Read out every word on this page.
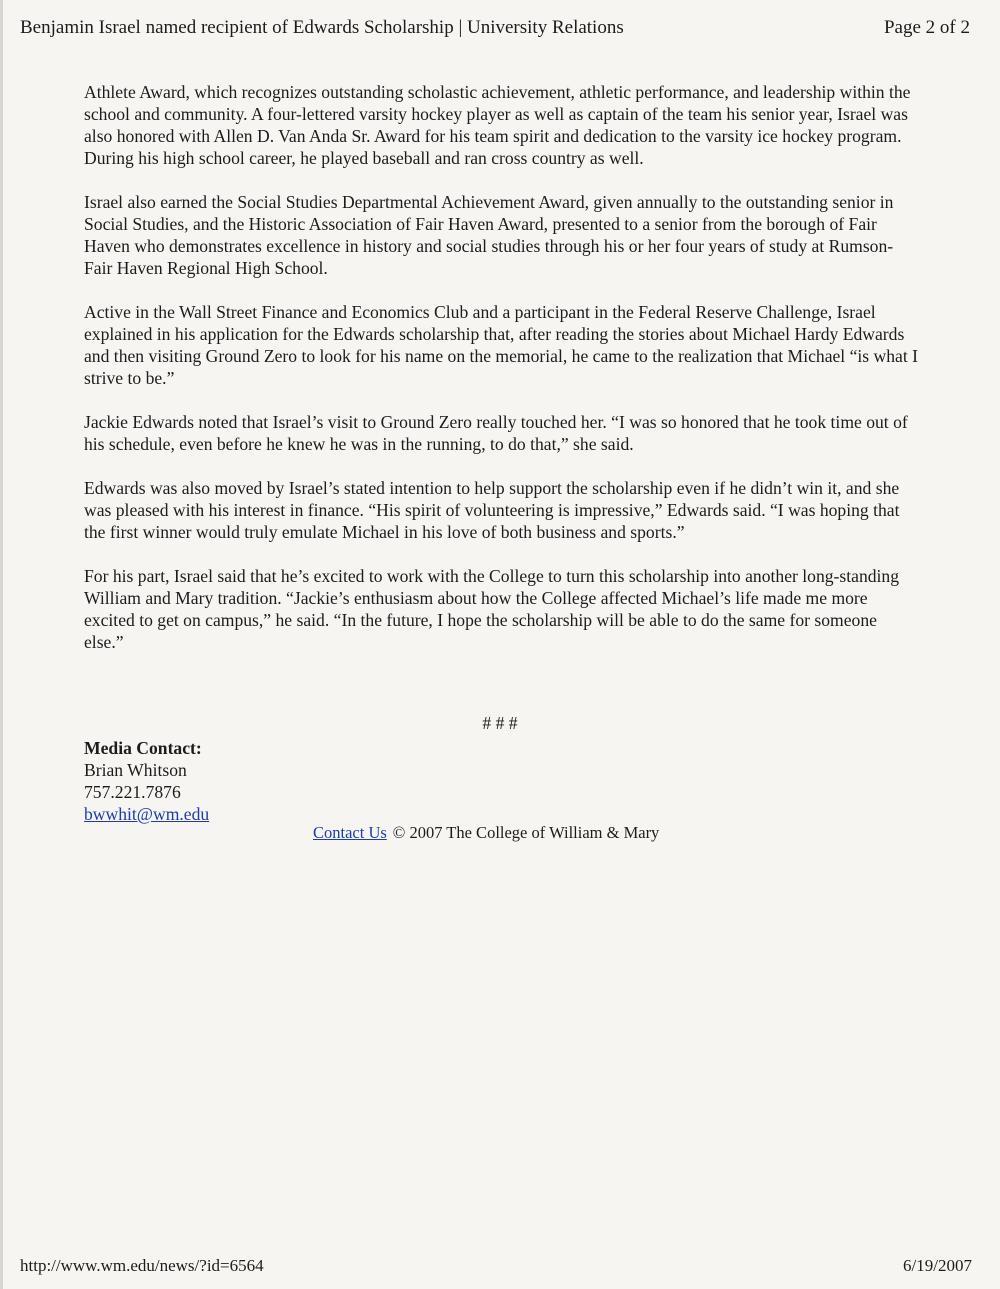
Benjamin Israel named recipient of Edwards Scholarship | University Relations	Page 2 of 2

Athlete Award, which recognizes outstanding scholastic achievement, athletic performance, and leadership within the school and community. A four-lettered varsity hockey player as well as captain of the team his senior year, Israel was also honored with Allen D. Van Anda Sr. Award for his team spirit and dedication to the varsity ice hockey program. During his high school career, he played baseball and ran cross country as well.

Israel also earned the Social Studies Departmental Achievement Award, given annually to the outstanding senior in Social Studies, and the Historic Association of Fair Haven Award, presented to a senior from the borough of Fair Haven who demonstrates excellence in history and social studies through his or her four years of study at Rumson-Fair Haven Regional High School.

Active in the Wall Street Finance and Economics Club and a participant in the Federal Reserve Challenge, Israel explained in his application for the Edwards scholarship that, after reading the stories about Michael Hardy Edwards and then visiting Ground Zero to look for his name on the memorial, he came to the realization that Michael “is what I strive to be.”

Jackie Edwards noted that Israel’s visit to Ground Zero really touched her. “I was so honored that he took time out of his schedule, even before he knew he was in the running, to do that,” she said.

Edwards was also moved by Israel’s stated intention to help support the scholarship even if he didn’t win it, and she was pleased with his interest in finance. “His spirit of volunteering is impressive,” Edwards said. “I was hoping that the first winner would truly emulate Michael in his love of both business and sports.”

For his part, Israel said that he’s excited to work with the College to turn this scholarship into another long-standing William and Mary tradition. “Jackie’s enthusiasm about how the College affected Michael’s life made me more excited to get on campus,” he said. “In the future, I hope the scholarship will be able to do the same for someone else.”

# # #
Media Contact:
Brian Whitson
757.221.7876
bwwhit@wm.edu
Contact Us © 2007 The College of William & Mary
http://www.wm.edu/news/?id=6564	6/19/2007
